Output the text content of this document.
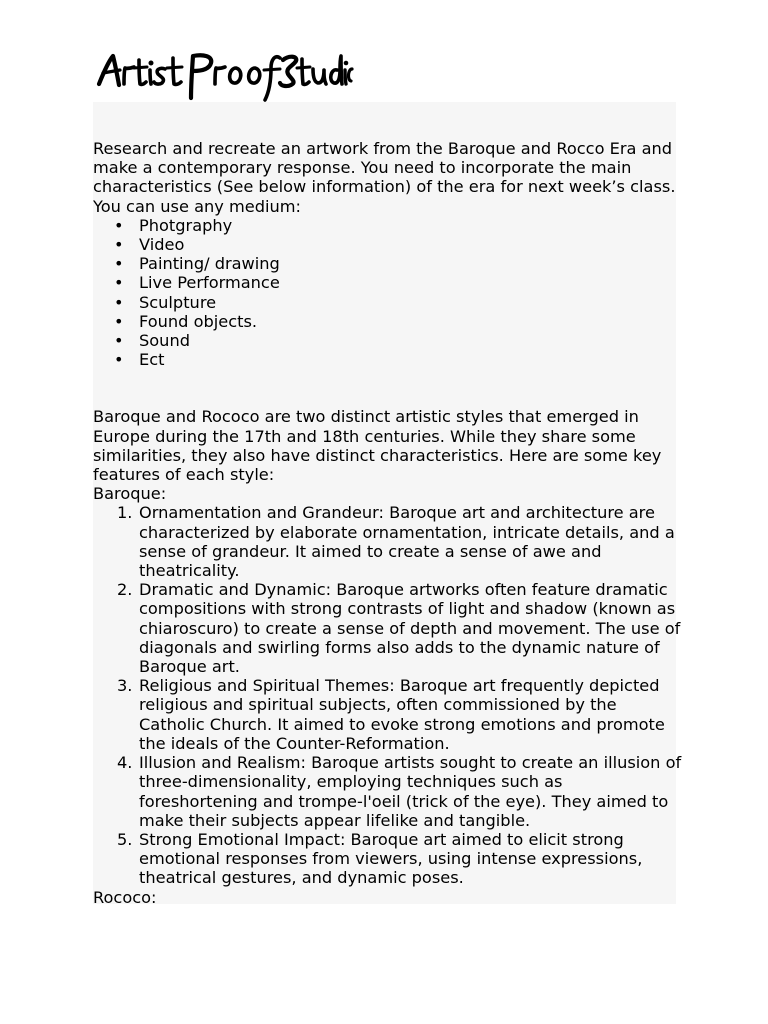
Research and recreate an artwork from the Baroque and Rocco Era and make a contemporary response. You need to incorporate the main characteristics (See below information) of the era for next week’s class. You can use any medium:

• Photgraphy
• Video
• Painting/ drawing
• Live Performance
• Sculpture
• Found objects.
• Sound
• Ect

Baroque and Rococo are two distinct artistic styles that emerged in Europe during the 17th and 18th centuries. While they share some similarities, they also have distinct characteristics. Here are some key features of each style:

Baroque:

1. Ornamentation and Grandeur: Baroque art and architecture are characterized by elaborate ornamentation, intricate details, and a sense of grandeur. It aimed to create a sense of awe and theatricality.
2. Dramatic and Dynamic: Baroque artworks often feature dramatic compositions with strong contrasts of light and shadow (known as chiaroscuro) to create a sense of depth and movement. The use of diagonals and swirling forms also adds to the dynamic nature of Baroque art.
3. Religious and Spiritual Themes: Baroque art frequently depicted religious and spiritual subjects, often commissioned by the Catholic Church. It aimed to evoke strong emotions and promote the ideals of the Counter-Reformation.
4. Illusion and Realism: Baroque artists sought to create an illusion of three-dimensionality, employing techniques such as foreshortening and trompe-l'oeil (trick of the eye). They aimed to make their subjects appear lifelike and tangible.
5. Strong Emotional Impact: Baroque art aimed to elicit strong emotional responses from viewers, using intense expressions, theatrical gestures, and dynamic poses.

Rococo:
